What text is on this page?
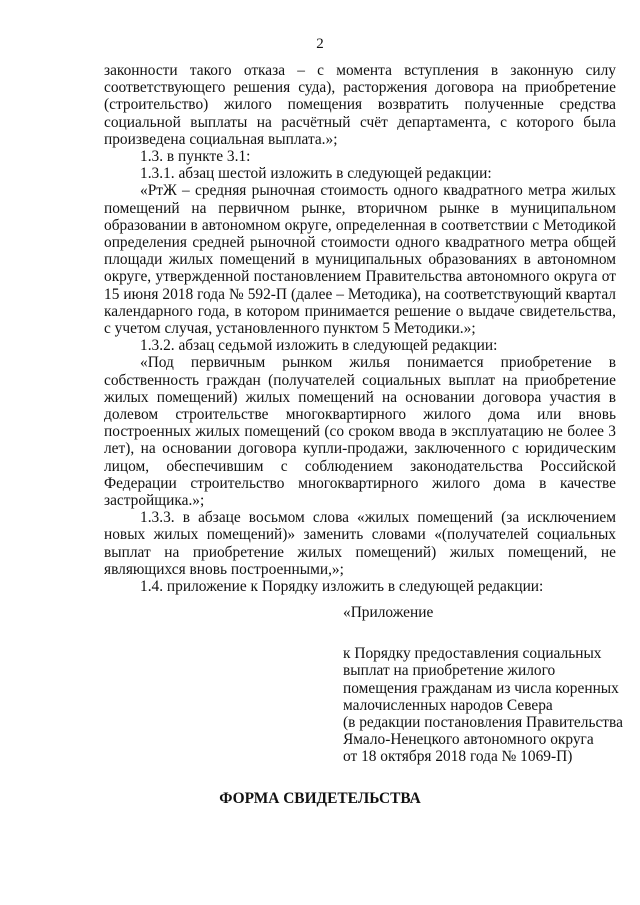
2

законности такого отказа – с момента вступления в законную силу соответствующего решения суда), расторжения договора на приобретение (строительство) жилого помещения возвратить полученные средства социальной выплаты на расчётный счёт департамента, с которого была произведена социальная выплата.»;

1.3. в пункте 3.1:

1.3.1. абзац шестой изложить в следующей редакции:

«РтЖ – средняя рыночная стоимость одного квадратного метра жилых помещений на первичном рынке, вторичном рынке в муниципальном образовании в автономном округе, определенная в соответствии с Методикой определения средней рыночной стоимости одного квадратного метра общей площади жилых помещений в муниципальных образованиях в автономном округе, утвержденной постановлением Правительства автономного округа от 15 июня 2018 года № 592-П (далее – Методика), на соответствующий квартал календарного года, в котором принимается решение о выдаче свидетельства, с учетом случая, установленного пунктом 5 Методики.»;

1.3.2. абзац седьмой изложить в следующей редакции:

«Под первичным рынком жилья понимается приобретение в собственность граждан (получателей социальных выплат на приобретение жилых помещений) жилых помещений на основании договора участия в долевом строительстве многоквартирного жилого дома или вновь построенных жилых помещений (со сроком ввода в эксплуатацию не более 3 лет), на основании договора купли-продажи, заключенного с юридическим лицом, обеспечившим с соблюдением законодательства Российской Федерации строительство многоквартирного жилого дома в качестве застройщика.»;

1.3.3. в абзаце восьмом слова «жилых помещений (за исключением новых жилых помещений)» заменить словами «(получателей социальных выплат на приобретение жилых помещений) жилых помещений, не являющихся вновь построенными,»;

1.4. приложение к Порядку изложить в следующей редакции:

«Приложение

к Порядку предоставления социальных

выплат на приобретение жилого

помещения гражданам из числа коренных

малочисленных народов Севера

(в редакции постановления Правительства

Ямало-Ненецкого автономного округа

от 18 октября 2018 года № 1069-П)

ФОРМА СВИДЕТЕЛЬСТВА
